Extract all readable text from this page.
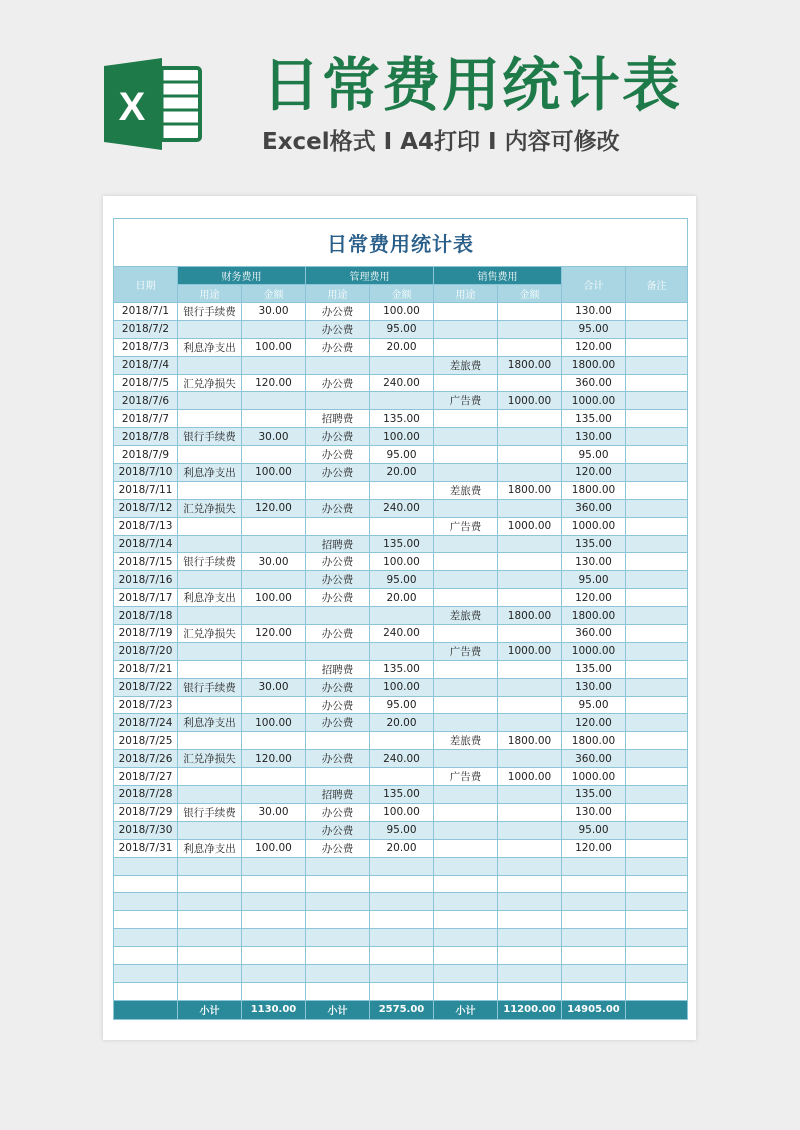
X 日常费用统计表
Excel格式 I A4打印 I 内容可修改
日常费用统计表								
日期	财务费用		管理费用		销售费用		合计	备注
	用途	金额	用途	金额	用途	金额		
2018/7/1	银行手续费	30.00	办公费	100.00			130.00	
2018/7/2			办公费	95.00			95.00	
2018/7/3	利息净支出	100.00	办公费	20.00			120.00	
2018/7/4					差旅费	1800.00	1800.00	
2018/7/5	汇兑净损失	120.00	办公费	240.00			360.00	
2018/7/6					广告费	1000.00	1000.00	
2018/7/7			招聘费	135.00			135.00	
2018/7/8	银行手续费	30.00	办公费	100.00			130.00	
2018/7/9			办公费	95.00			95.00	
2018/7/10	利息净支出	100.00	办公费	20.00			120.00	
2018/7/11					差旅费	1800.00	1800.00	
2018/7/12	汇兑净损失	120.00	办公费	240.00			360.00	
2018/7/13					广告费	1000.00	1000.00	
2018/7/14			招聘费	135.00			135.00	
2018/7/15	银行手续费	30.00	办公费	100.00			130.00	
2018/7/16			办公费	95.00			95.00	
2018/7/17	利息净支出	100.00	办公费	20.00			120.00	
2018/7/18					差旅费	1800.00	1800.00	
2018/7/19	汇兑净损失	120.00	办公费	240.00			360.00	
2018/7/20					广告费	1000.00	1000.00	
2018/7/21			招聘费	135.00			135.00	
2018/7/22	银行手续费	30.00	办公费	100.00			130.00	
2018/7/23			办公费	95.00			95.00	
2018/7/24	利息净支出	100.00	办公费	20.00			120.00	
2018/7/25					差旅费	1800.00	1800.00	
2018/7/26	汇兑净损失	120.00	办公费	240.00			360.00	
2018/7/27					广告费	1000.00	1000.00	
2018/7/28			招聘费	135.00			135.00	
2018/7/29	银行手续费	30.00	办公费	100.00			130.00	
2018/7/30			办公费	95.00			95.00	
2018/7/31	利息净支出	100.00	办公费	20.00			120.00	

	小计	1130.00	小计	2575.00	小计	11200.00	14905.00	
